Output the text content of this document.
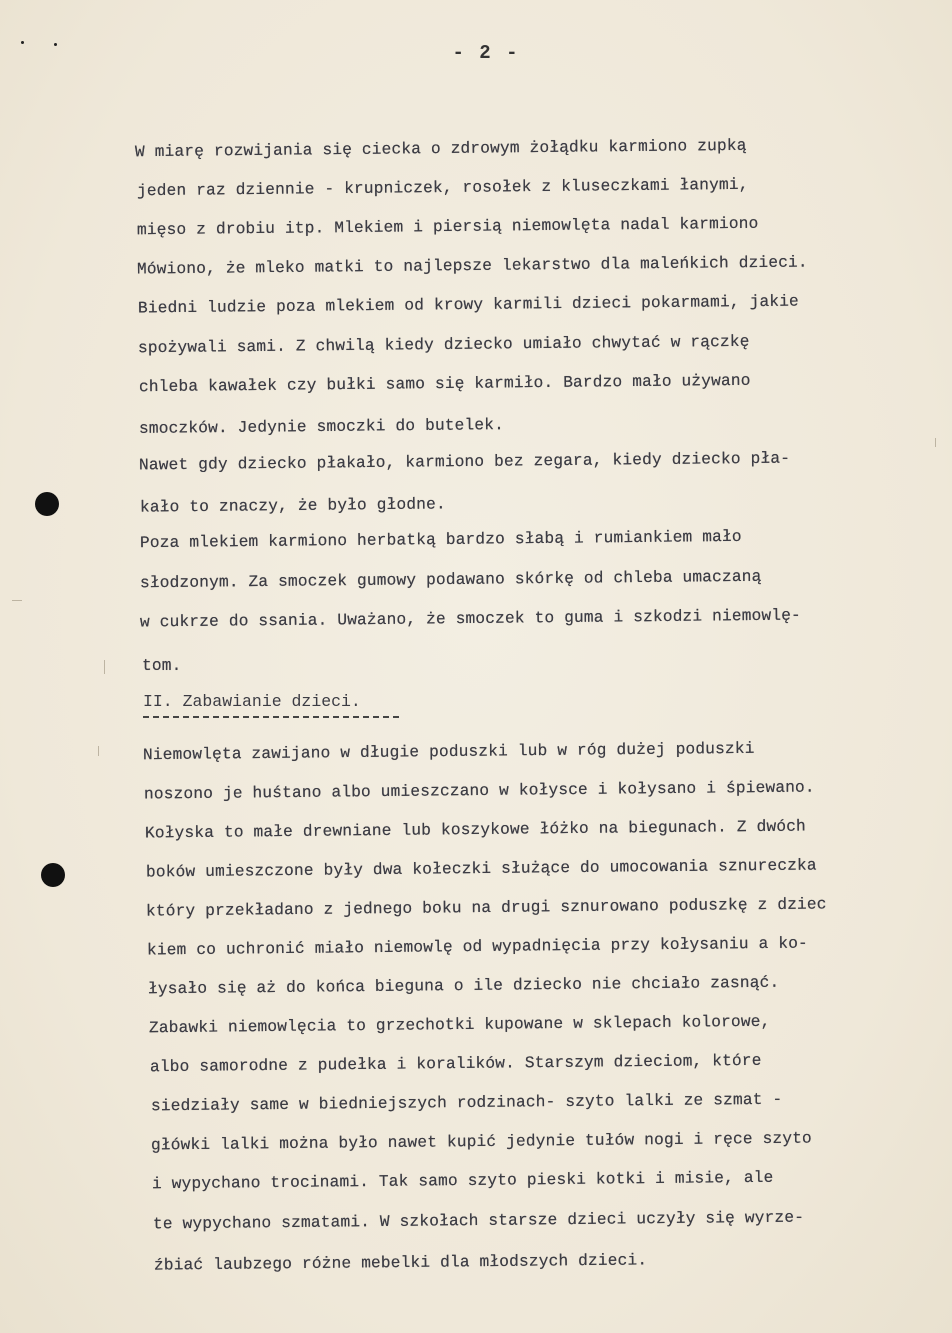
- 2 -
W miarę rozwijania się ciecka o zdrowym żołądku karmiono zupką
jeden raz dziennie - krupniczek, rosołek z kluseczkami łanymi,
mięso z drobiu itp. Mlekiem i piersią niemowlęta nadal karmiono
Mówiono, że mleko matki to najlepsze lekarstwo dla maleńkich dzieci.
Biedni ludzie poza mlekiem od krowy karmili dzieci pokarmami, jakie
spożywali sami. Z chwilą kiedy dziecko umiało chwytać w rączkę
chleba kawałek czy bułki samo się karmiło. Bardzo mało używano
smoczków. Jedynie smoczki do butelek.
Nawet gdy dziecko płakało, karmiono bez zegara, kiedy dziecko pła-
kało to znaczy, że było głodne.
Poza mlekiem karmiono herbatką bardzo słabą i rumiankiem mało
słodzonym. Za smoczek gumowy podawano skórkę od chleba umaczaną
w cukrze do ssania. Uważano, że smoczek to guma i szkodzi niemowlę-
tom.
II. Zabawianie dzieci.
Niemowlęta zawijano w długie poduszki lub w róg dużej poduszki
noszono je huśtano albo umieszczano w kołysce i kołysano i śpiewano.
Kołyska to małe drewniane lub koszykowe łóżko na biegunach. Z dwóch
boków umieszczone były dwa kołeczki służące do umocowania sznureczka
który przekładano z jednego boku na drugi sznurowano poduszkę z dziec
kiem co uchronić miało niemowlę od wypadnięcia przy kołysaniu a ko-
łysało się aż do końca bieguna o ile dziecko nie chciało zasnąć.
Zabawki niemowlęcia to grzechotki kupowane w sklepach kolorowe,
albo samorodne z pudełka i koralików. Starszym dzieciom, które
siedziały same w biedniejszych rodzinach- szyto lalki ze szmat -
główki lalki można było nawet kupić jedynie tułów nogi i ręce szyto
i wypychano trocinami. Tak samo szyto pieski kotki i misie, ale
te wypychano szmatami. W szkołach starsze dzieci uczyły się wyrze-
źbiać laubzego różne mebelki dla młodszych dzieci.
